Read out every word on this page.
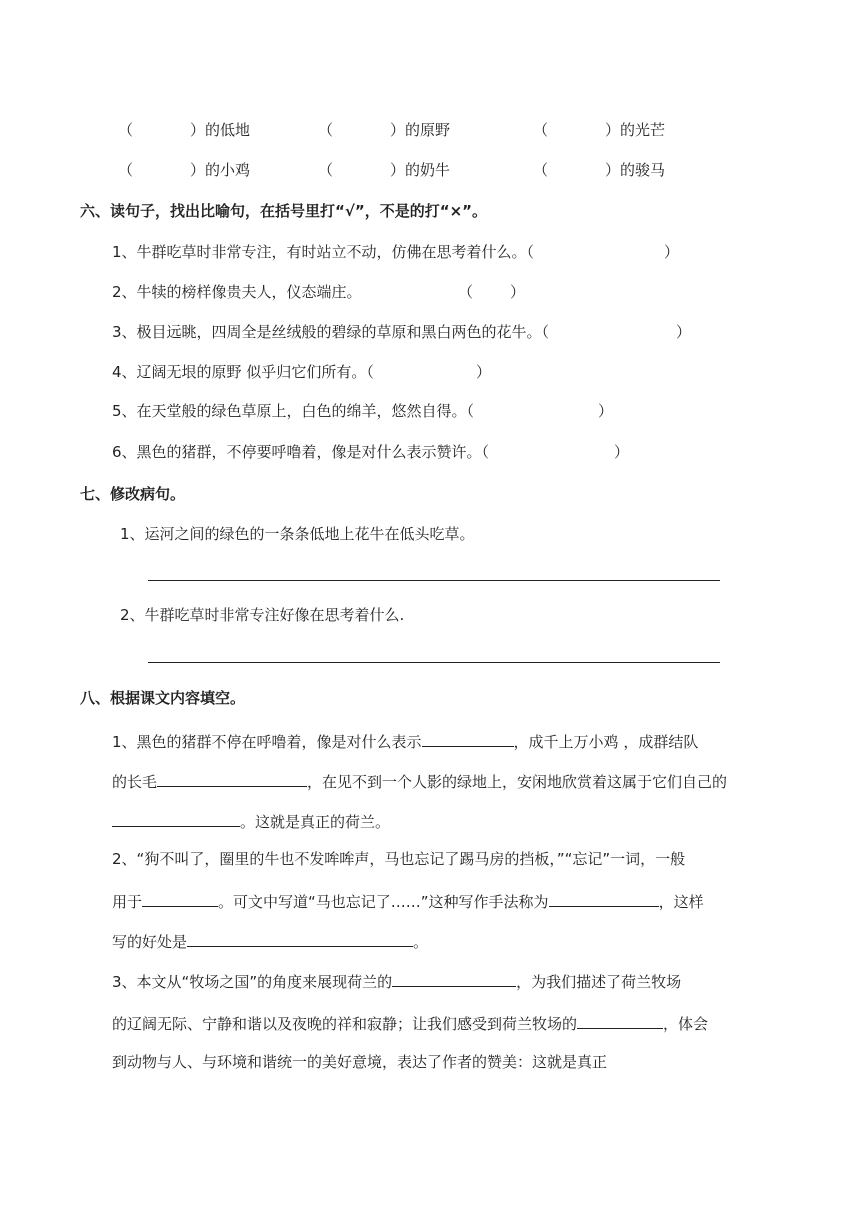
（	）的低地	（	）的原野	（	）的光芒
（	）的小鸡	（	）的奶牛	（	）的骏马
六、读句子，找出比喻句，在括号里打“√”，不是的打“×”。
1、牛群吃草时非常专注，有时站立不动，仿佛在思考着什么。（	）
2、牛犊的榜样像贵夫人，仪态端庄。	（ ）
3、极目远眺，四周全是丝绒般的碧绿的草原和黑白两色的花牛。（	）
4、辽阔无垠的原野 似乎归它们所有。（	）
5、在天堂般的绿色草原上，白色的绵羊，悠然自得。（	）
6、黑色的猪群，不停要呼噜着，像是对什么表示赞许。（	）
七、修改病句。
1、运河之间的绿色的一条条低地上花牛在低头吃草。
2、牛群吃草时非常专注好像在思考着什么.
八、根据课文内容填空。
1、黑色的猪群不停在呼噜着，像是对什么表示	，成千上万小鸡 ，成群结队
的长毛	，在见不到一个人影的绿地上，安闲地欣赏着这属于它们自己的
。这就是真正的荷兰。
2、“狗不叫了，圈里的牛也不发哞哞声，马也忘记了踢马房的挡板，”“忘记”一词，一般
用于	。可文中写道“马也忘记了……”这种写作手法称为	，这样
写的好处是	。
3、本文从“牧场之国”的角度来展现荷兰的	，为我们描述了荷兰牧场
的辽阔无际、宁静和谐以及夜晚的祥和寂静；让我们感受到荷兰牧场的	，体会
到动物与人、与环境和谐统一的美好意境，表达了作者的赞美：这就是真正
